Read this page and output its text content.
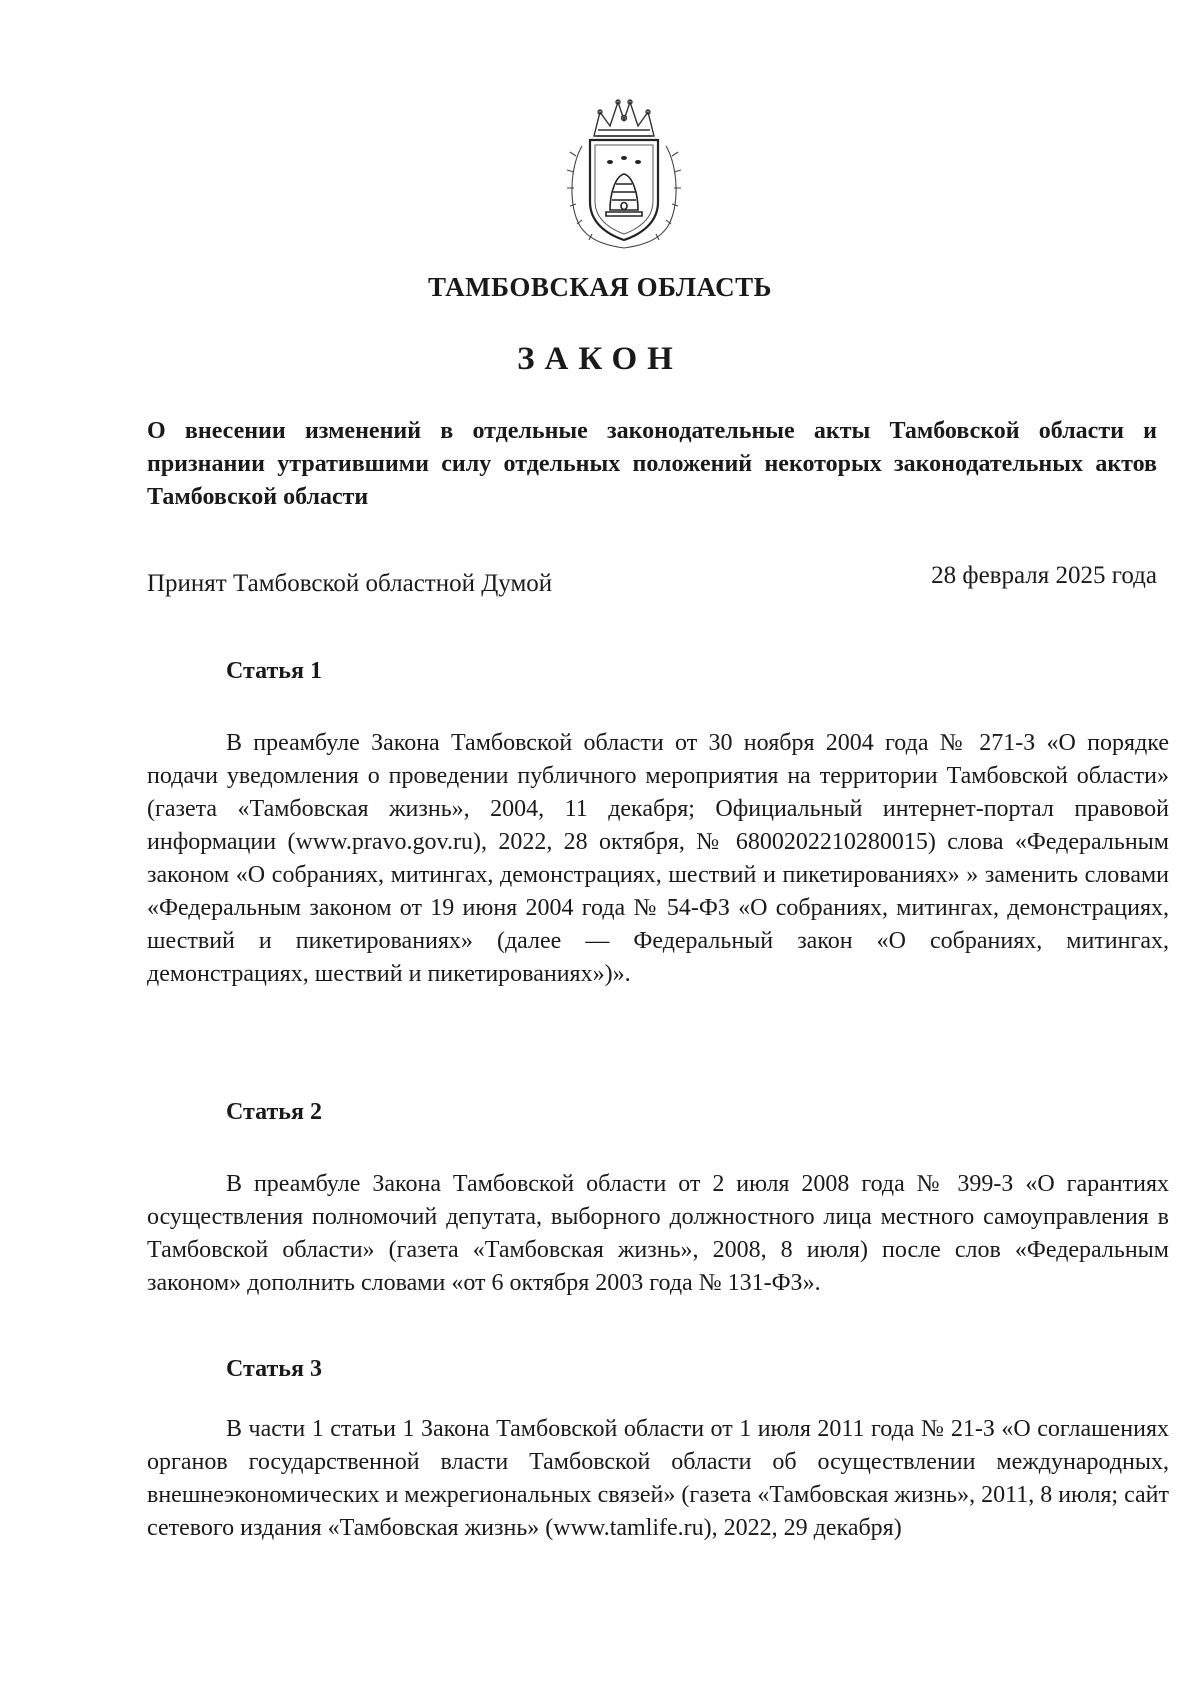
ТАМБОВСКАЯ ОБЛАСТЬ
ЗАКОН
О внесении изменений в отдельные законодательные акты Тамбовской области и признании утратившими силу отдельных положений некоторых законодательных актов Тамбовской области
Принят Тамбовской областной Думой	28 февраля 2025 года
Статья 1
В преамбуле Закона Тамбовской области от 30 ноября 2004 года № 271-З «О порядке подачи уведомления о проведении публичного мероприятия на территории Тамбовской области» (газета «Тамбовская жизнь», 2004, 11 декабря; Официальный интернет-портал правовой информации (www.pravo.gov.ru), 2022, 28 октября, № 6800202210280015) слова «Федеральным законом «О собраниях, митингах, демонстрациях, шествий и пикетированиях» » заменить словами «Федеральным законом от 19 июня 2004 года № 54-ФЗ «О собраниях, митингах, демонстрациях, шествий и пикетированиях» (далее — Федеральный закон «О собраниях, митингах, демонстрациях, шествий и пикетированиях»)».
Статья 2
В преамбуле Закона Тамбовской области от 2 июля 2008 года № 399-З «О гарантиях осуществления полномочий депутата, выборного должностного лица местного самоуправления в Тамбовской области» (газета «Тамбовская жизнь», 2008, 8 июля) после слов «Федеральным законом» дополнить словами «от 6 октября 2003 года № 131-ФЗ».
Статья 3
В части 1 статьи 1 Закона Тамбовской области от 1 июля 2011 года № 21-З «О соглашениях органов государственной власти Тамбовской области об осуществлении международных, внешнеэкономических и межрегиональных связей» (газета «Тамбовская жизнь», 2011, 8 июля; сайт сетевого издания «Тамбовская жизнь» (www.tamlife.ru), 2022, 29 декабря)
